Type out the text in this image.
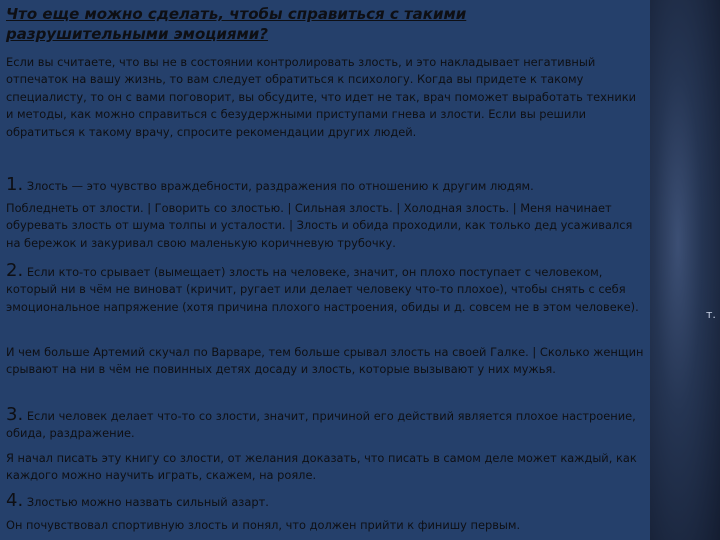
т.
Что еще можно сделать, чтобы справиться с такими разрушительными эмоциями?

Если вы считаете, что вы не в состоянии контролировать злость, и это накладывает негативный отпечаток на вашу жизнь, то вам следует обратиться к психологу. Когда вы придете к такому специалисту, то он с вами поговорит, вы обсудите, что идет не так, врач поможет выработать техники и методы, как можно справиться с безудержными приступами гнева и злости. Если вы решили обратиться к такому врачу, спросите рекомендации других людей.

1. Злость — это чувство враждебности, раздражения по отношению к другим людям.

Побледнеть от злости. | Говорить со злостью. | Сильная злость. | Холодная злость. | Меня начинает обуревать злость от шума толпы и усталости. | Злость и обида проходили, как только дед усаживался на бережок и закуривал свою маленькую коричневую трубочку.

2. Если кто-то срывает (вымещает) злость на человеке, значит, он плохо поступает с человеком, который ни в чём не виноват (кричит, ругает или делает человеку что-то плохое), чтобы снять с себя эмоциональное напряжение (хотя причина плохого настроения, обиды и д. совсем не в этом человеке).

И чем больше Артемий скучал по Варваре, тем больше срывал злость на своей Галке. | Сколько женщин срывают на ни в чём не повинных детях досаду и злость, которые вызывают у них мужья.

3. Если человек делает что-то со злости, значит, причиной его действий является плохое настроение, обида, раздражение.

Я начал писать эту книгу со злости, от желания доказать, что писать в самом деле может каждый, как каждого можно научить играть, скажем, на рояле.

4. Злостью можно назвать сильный азарт.

Он почувствовал спортивную злость и понял, что должен прийти к финишу первым.
